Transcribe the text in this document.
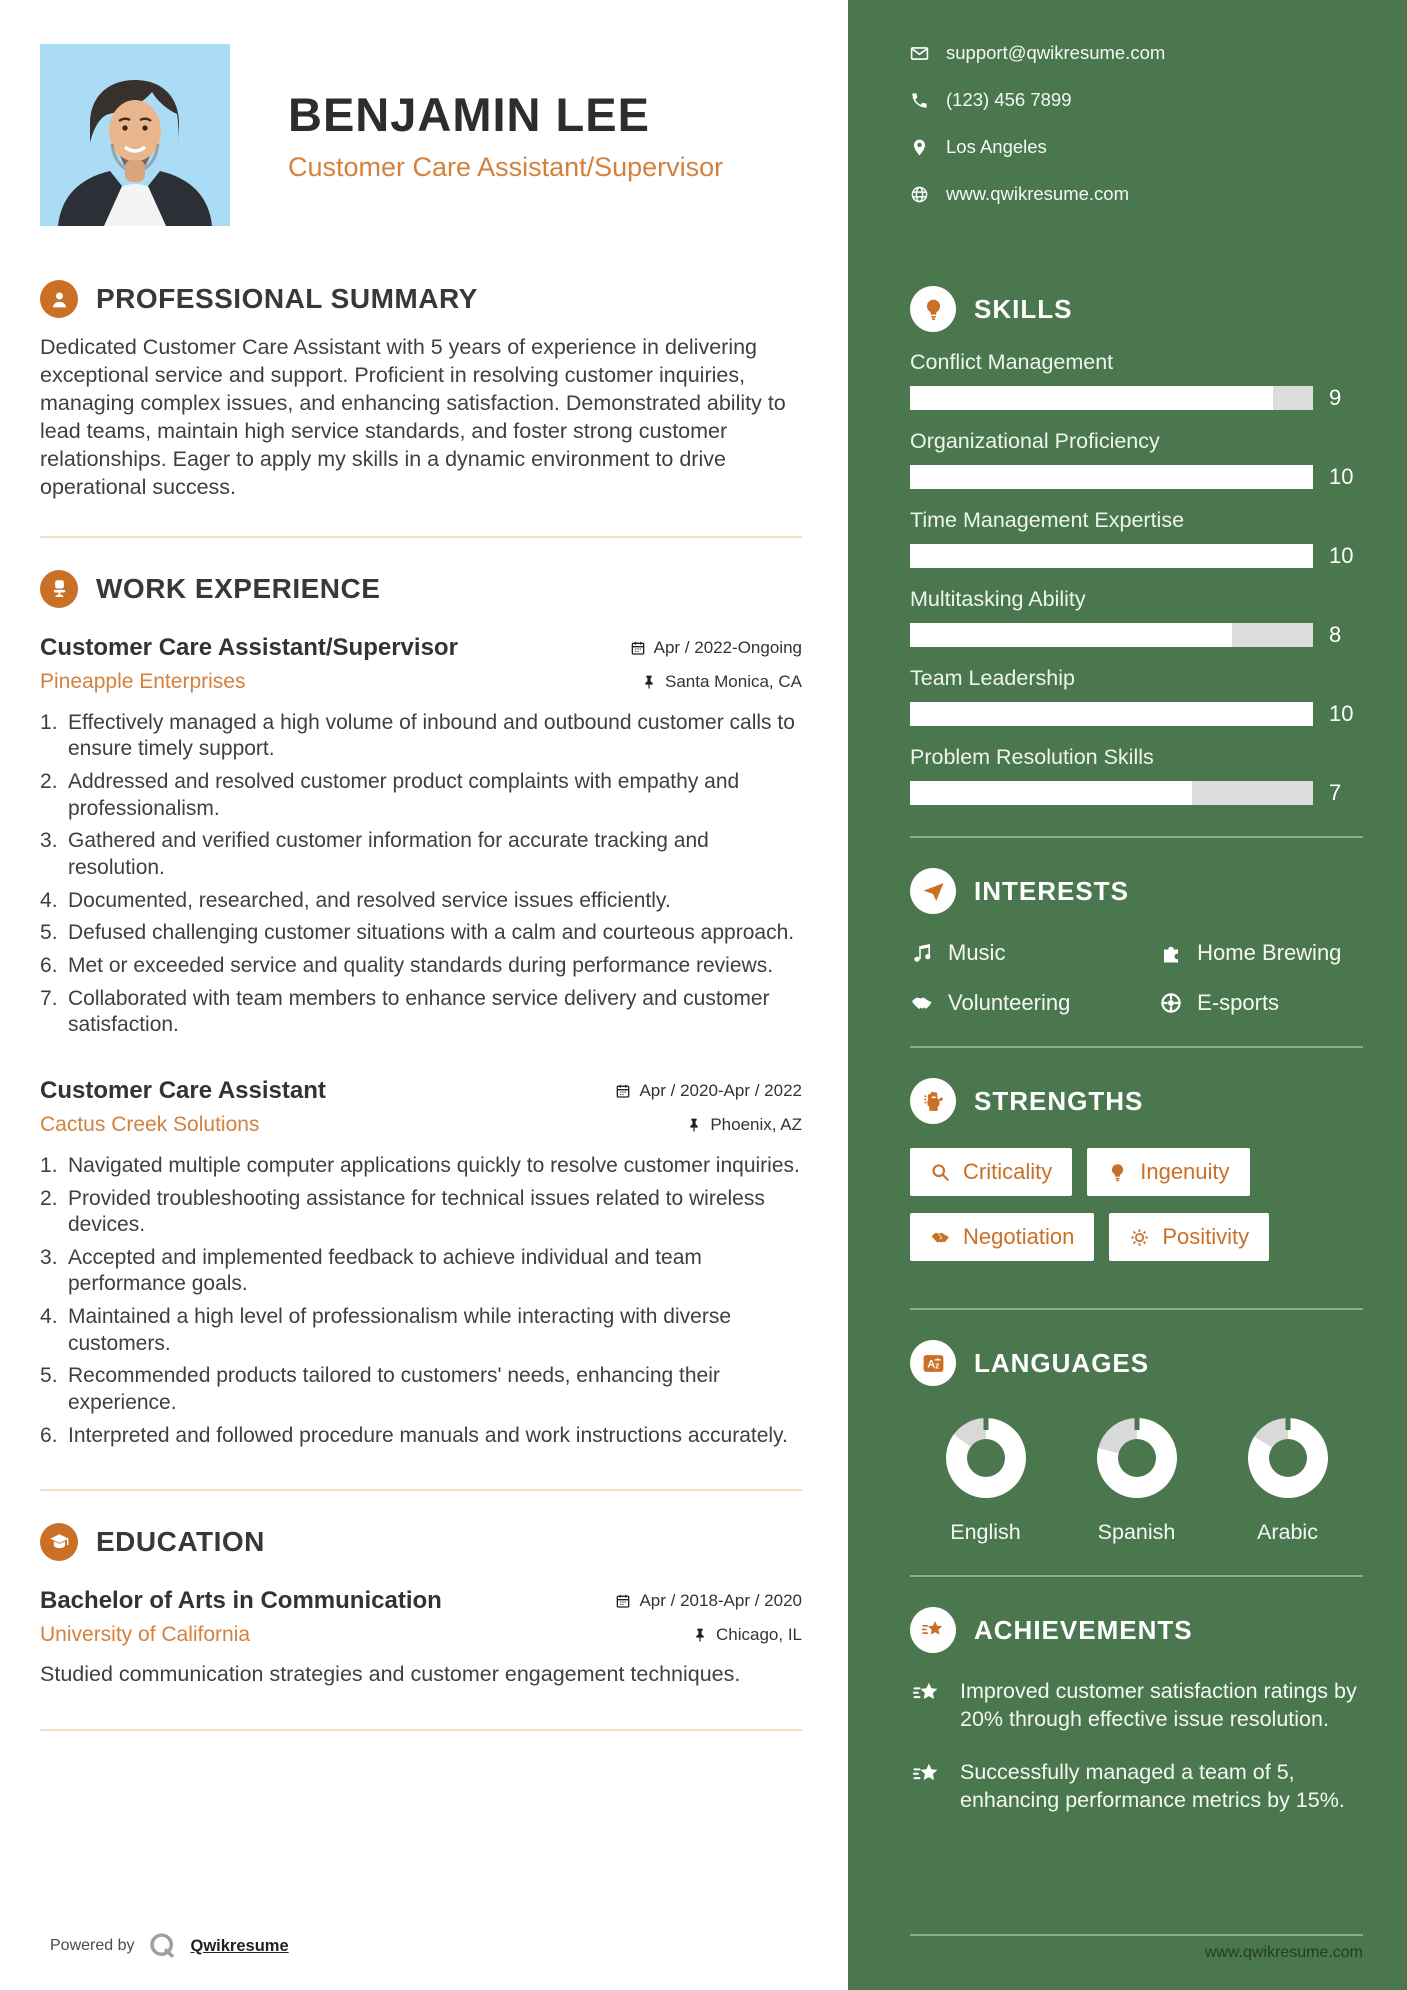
BENJAMIN LEE
Customer Care Assistant/Supervisor
PROFESSIONAL SUMMARY

Dedicated Customer Care Assistant with 5 years of experience in delivering exceptional service and support. Proficient in resolving customer inquiries, managing complex issues, and enhancing satisfaction. Demonstrated ability to lead teams, maintain high service standards, and foster strong customer relationships. Eager to apply my skills in a dynamic environment to drive operational success.

WORK EXPERIENCE
Customer Care Assistant/Supervisor	Apr / 2022-Ongoing
Pineapple Enterprises	Santa Monica, CA
Effectively managed a high volume of inbound and outbound customer calls to ensure timely support.
Addressed and resolved customer product complaints with empathy and professionalism.
Gathered and verified customer information for accurate tracking and resolution.
Documented, researched, and resolved service issues efficiently.
Defused challenging customer situations with a calm and courteous approach.
Met or exceeded service and quality standards during performance reviews.
Collaborated with team members to enhance service delivery and customer satisfaction.
Customer Care Assistant	Apr / 2020-Apr / 2022
Cactus Creek Solutions	Phoenix, AZ
Navigated multiple computer applications quickly to resolve customer inquiries.
Provided troubleshooting assistance for technical issues related to wireless devices.
Accepted and implemented feedback to achieve individual and team performance goals.
Maintained a high level of professionalism while interacting with diverse customers.
Recommended products tailored to customers' needs, enhancing their experience.
Interpreted and followed procedure manuals and work instructions accurately.
EDUCATION
Bachelor of Arts in Communication	Apr / 2018-Apr / 2020
University of California	Chicago, IL

Studied communication strategies and customer engagement techniques.

Powered by	Qwikresume
support@qwikresume.com
(123) 456 7899
Los Angeles
www.qwikresume.com
SKILLS
Conflict Management
9
Organizational Proficiency
10
Time Management Expertise
10
Multitasking Ability
8
Team Leadership
10
Problem Resolution Skills
7
INTERESTS
Music	Home Brewing
Volunteering	E-sports
STRENGTHS
Criticality	Ingenuity
Negotiation	Positivity
A z LANGUAGES
English	Spanish	Arabic
ACHIEVEMENTS
Improved customer satisfaction ratings by 20% through effective issue resolution.
Successfully managed a team of 5, enhancing performance metrics by 15%.
www.qwikresume.com
